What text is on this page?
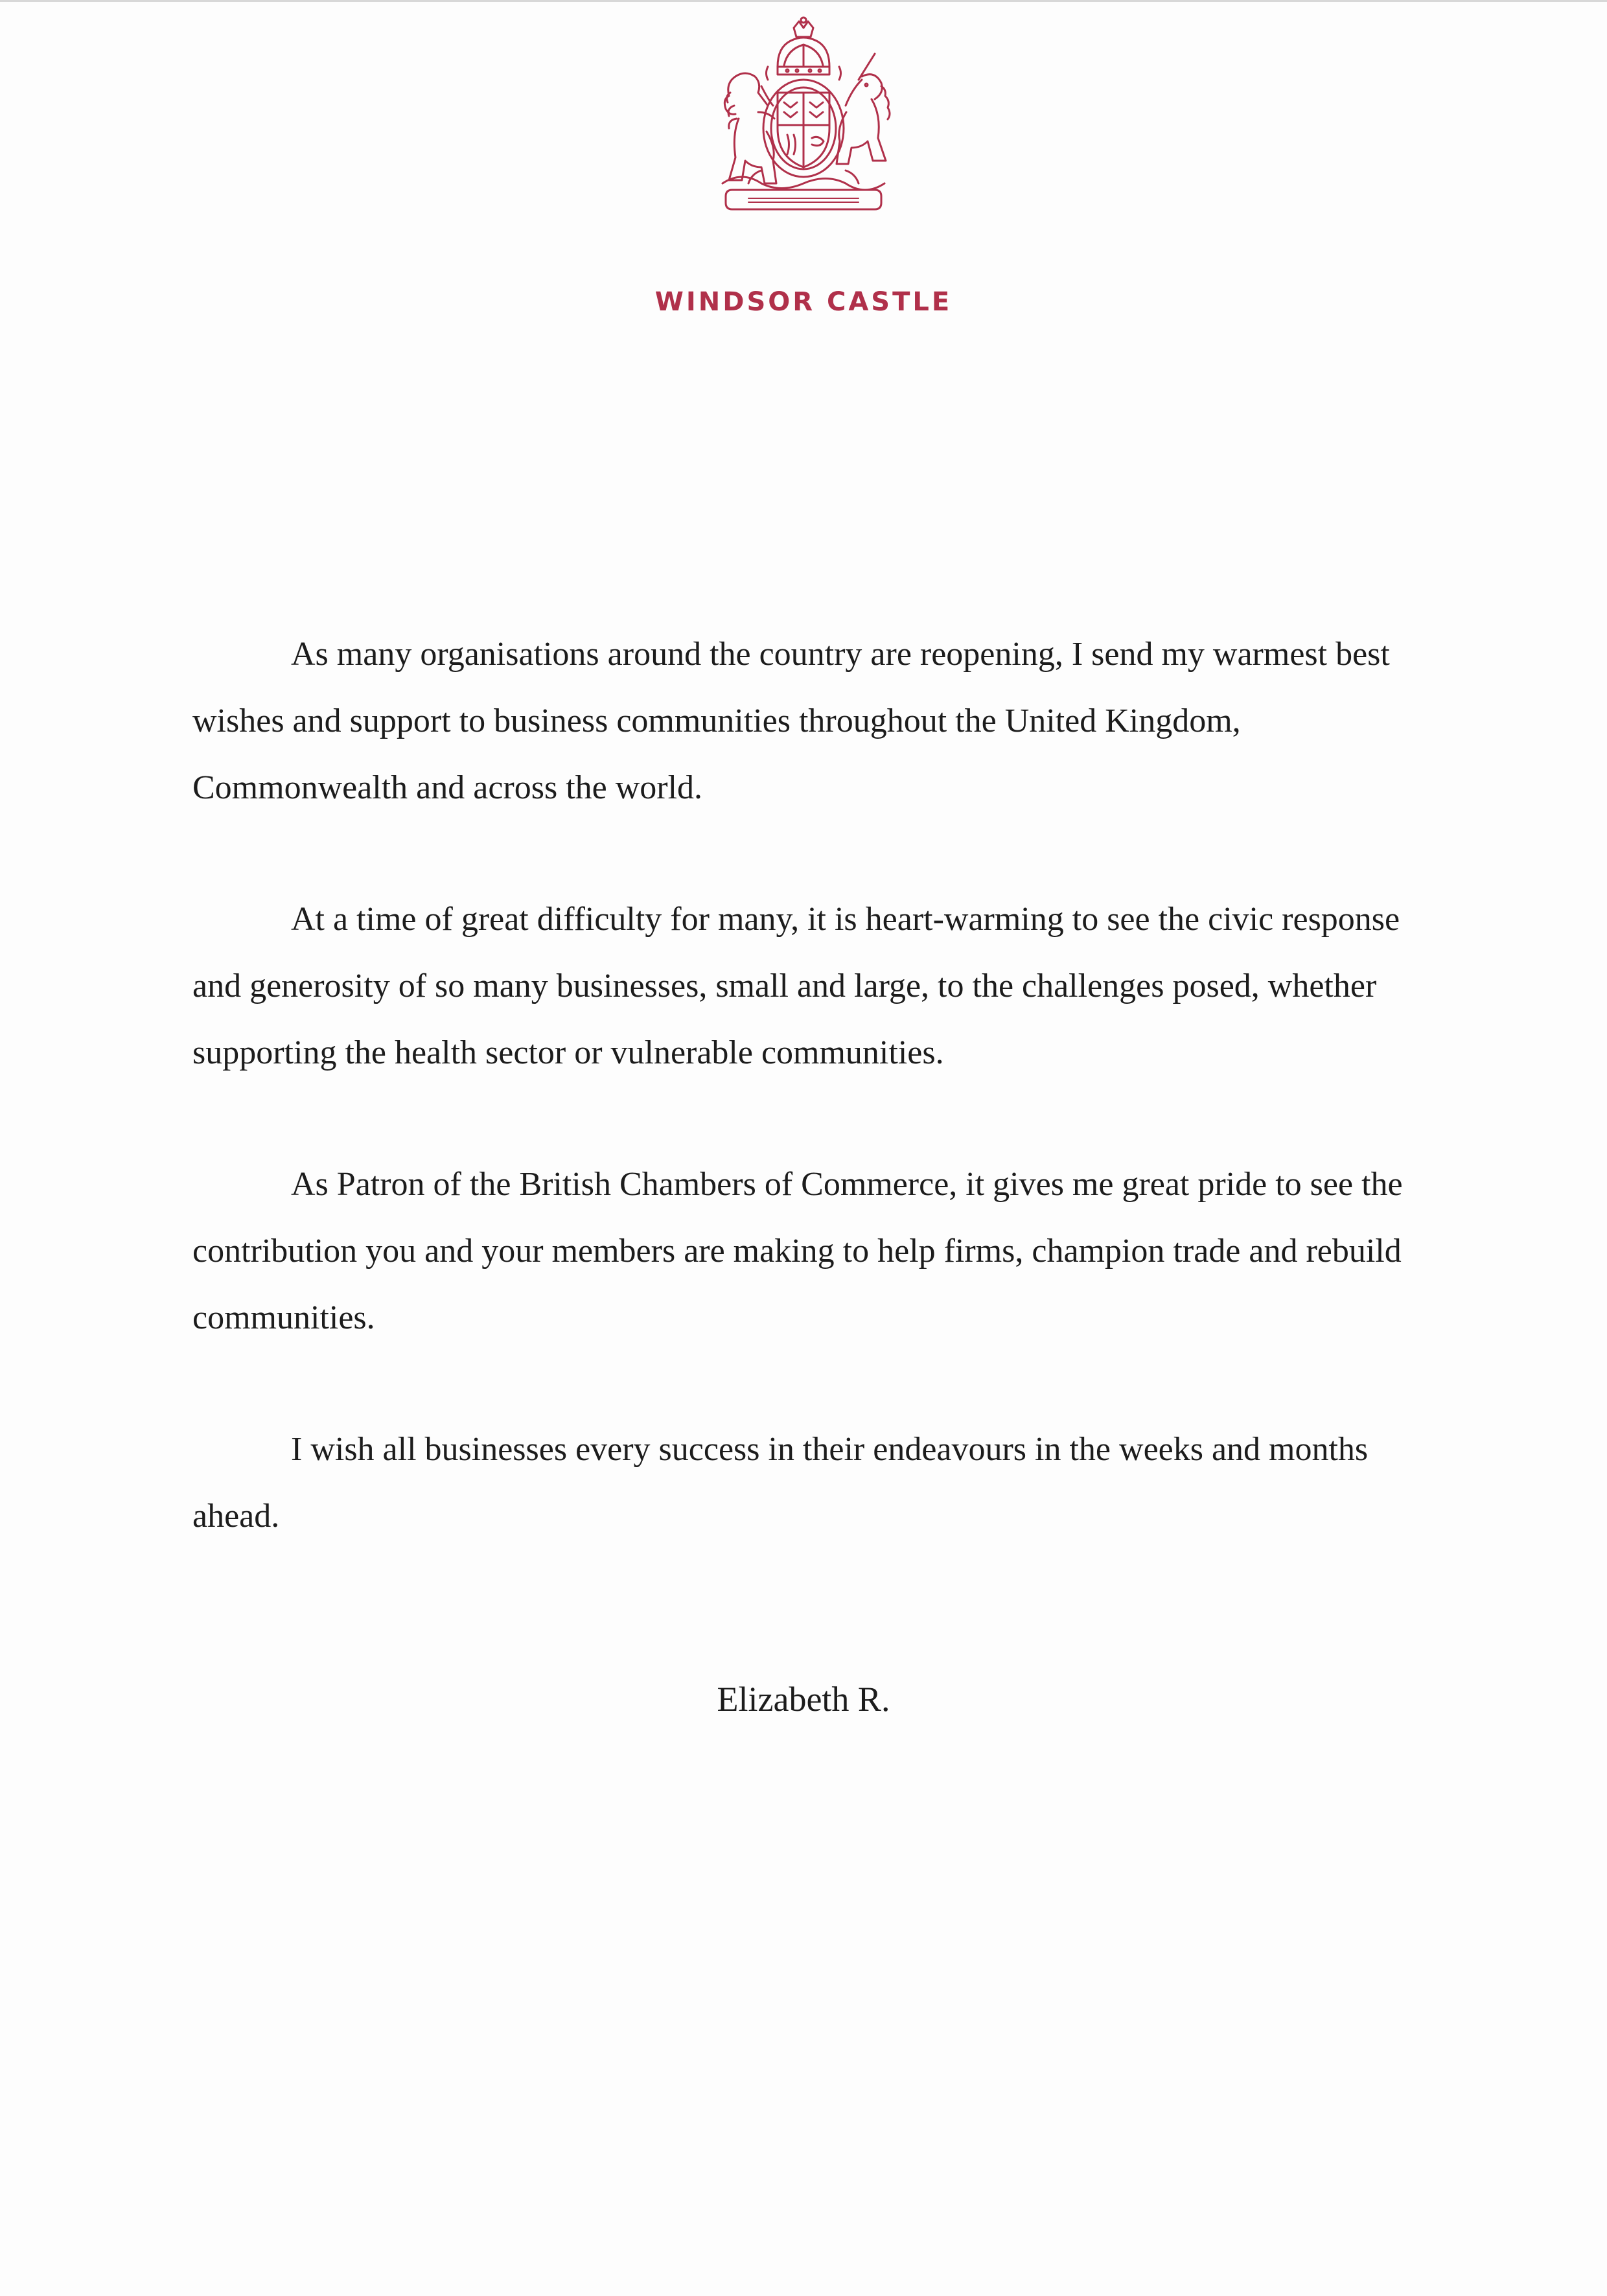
WINDSOR CASTLE

As many organisations around the country are reopening, I send my warmest best wishes and support to business communities throughout the United Kingdom, Commonwealth and across the world.

At a time of great difficulty for many, it is heart-warming to see the civic response and generosity of so many businesses, small and large, to the challenges posed, whether supporting the health sector or vulnerable communities.

As Patron of the British Chambers of Commerce, it gives me great pride to see the contribution you and your members are making to help firms, champion trade and rebuild communities.

I wish all businesses every success in their endeavours in the weeks and months ahead.

Elizabeth R.
